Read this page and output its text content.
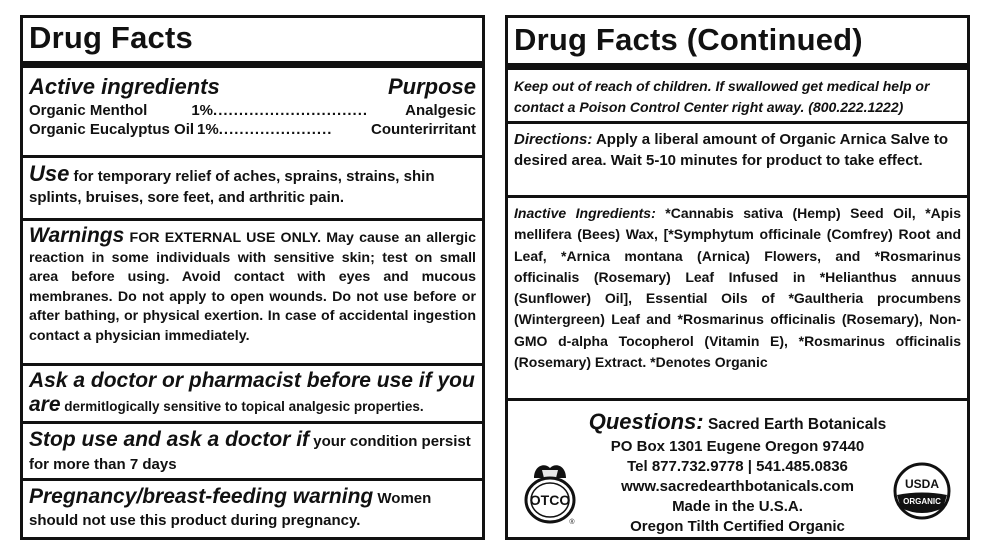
Drug Facts
Active ingredients	Purpose
Organic Menthol	1% ..............................	Analgesic
Organic Eucalyptus Oil 1% ......................	Counterirritant
Use for temporary relief of aches, sprains, strains, shin splints, bruises, sore feet, and arthritic pain.
Warnings FOR EXTERNAL USE ONLY. May cause an allergic reaction in some individuals with sensitive skin; test on small area before using. Avoid contact with eyes and mucous membranes. Do not apply to open wounds. Do not use before or after bathing, or physical exertion. In case of accidental ingestion contact a physician immediately.
Ask a doctor or pharmacist before use if you are dermitlogically sensitive to topical analgesic properties.
Stop use and ask a doctor if your condition persist for more than 7 days
Pregnancy/breast-feeding warning Women should not use this product during pregnancy.
Drug Facts (Continued)
Keep out of reach of children. If swallowed get medical help or contact a Poison Control Center right away. (800.222.1222)
Directions: Apply a liberal amount of Organic Arnica Salve to desired area. Wait 5-10 minutes for product to take effect.
Inactive Ingredients: *Cannabis sativa (Hemp) Seed Oil, *Apis mellifera (Bees) Wax, [*Symphytum officinale (Comfrey) Root and Leaf, *Arnica montana (Arnica) Flowers, and *Rosmarinus officinalis (Rosemary) Leaf Infused in *Helianthus annuus (Sunflower) Oil], Essential Oils of *Gaultheria procumbens (Wintergreen) Leaf and *Rosmarinus officinalis (Rosemary), Non-GMO d-alpha Tocopherol (Vitamin E), *Rosmarinus officinalis (Rosemary) Extract. *Denotes Organic
Questions: Sacred Earth Botanicals
PO Box 1301 Eugene Oregon 97440
Tel 877.732.9778 | 541.485.0836
www.sacredearthbotanicals.com
Made in the U.S.A.
Oregon Tilth Certified Organic
OTCO
®
USDA
ORGANIC
